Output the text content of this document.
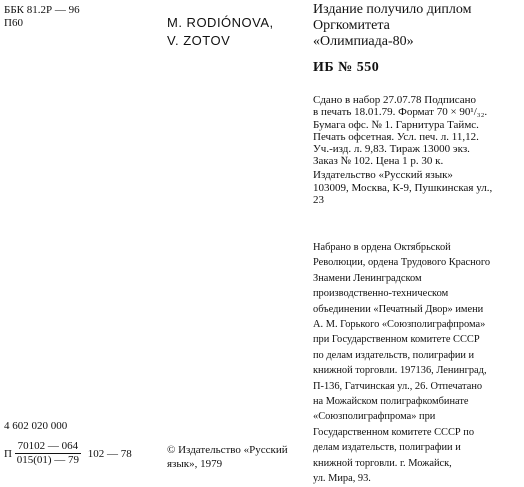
ББК 81.2Р — 96
П60
4 602 020 000
П $\frac{70102 — 064}{015(01) — 79} 102$ — 78
M. RODIÓNOVA,
V. ZOTOV
© Издательство «Русский
язык», 1979
Издание получило диплом
Оргкомитета
«Олимпиада-80»
ИБ № 550
Сдано в набор 27.07.78 Подписано
в печать 18.01.79. Формат 70 × 90¹/₃₂.
Бумага офс. № 1. Гарнитура Таймс.
Печать офсетная. Усл. печ. л. 11,12.
Уч.-изд. л. 9,83. Тираж 13000 экз.
Заказ № 102. Цена 1 р. 30 к.
Издательство «Русский язык»
103009, Москва, К-9, Пушкинская ул.,
23
Набрано в ордена Октябрьской
Революции, ордена Трудового Красного
Знамени Ленинградском
производственно-техническом
объединении «Печатный Двор» имени
А. М. Горького «Союзполиграфпрома»
при Государственном комитете СССР
по делам издательств, полиграфии и
книжной торговли. 197136, Ленинград,
П-136, Гатчинская ул., 26. Отпечатано
на Можайском полиграфкомбинате
«Союзполиграфпрома» при
Государственном комитете СССР по
делам издательств, полиграфии и
книжной торговли. г. Можайск,
ул. Мира, 93.
